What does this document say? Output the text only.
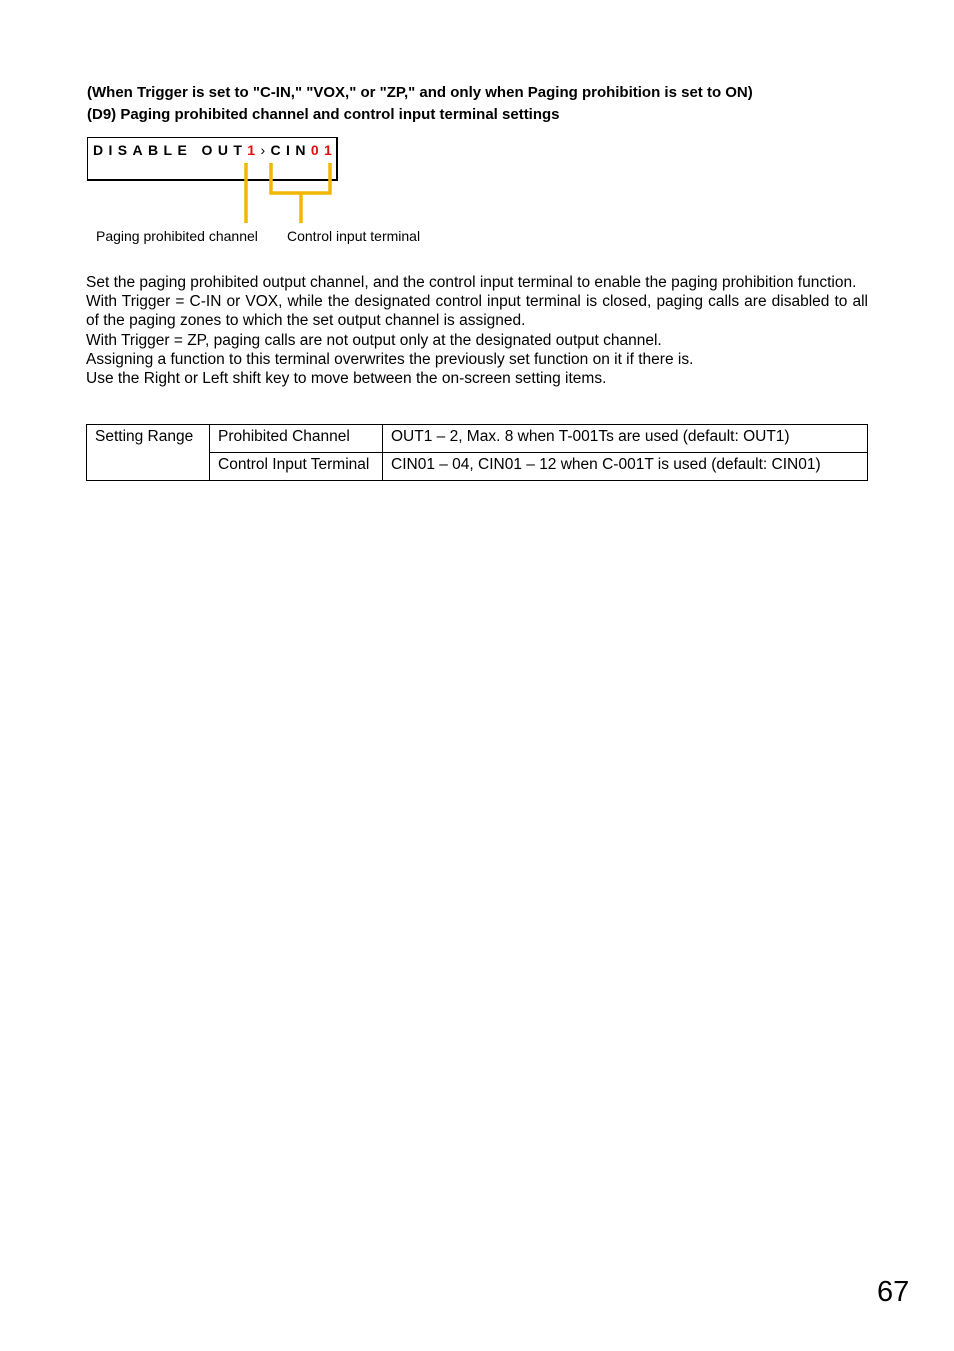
(When Trigger is set to "C-IN," "VOX," or "ZP," and only when Paging prohibition is set to ON)
(D9) Paging prohibited channel and control input terminal settings
DISABLE OUT1›CIN01
Paging prohibited channel Control input terminal

Set the paging prohibited output channel, and the control input terminal to enable the paging prohibition function.

With Trigger = C-IN or VOX, while the designated control input terminal is closed, paging calls are disabled to all of the paging zones to which the set output channel is assigned.

With Trigger = ZP, paging calls are not output only at the designated output channel.

Assigning a function to this terminal overwrites the previously set function on it if there is.

Use the Right or Left shift key to move between the on-screen setting items.

Setting Range	Prohibited Channel	OUT1 – 2, Max. 8 when T-001Ts are used (default: OUT1)
	Control Input Terminal	CIN01 – 04, CIN01 – 12 when C-001T is used (default: CIN01)
67
